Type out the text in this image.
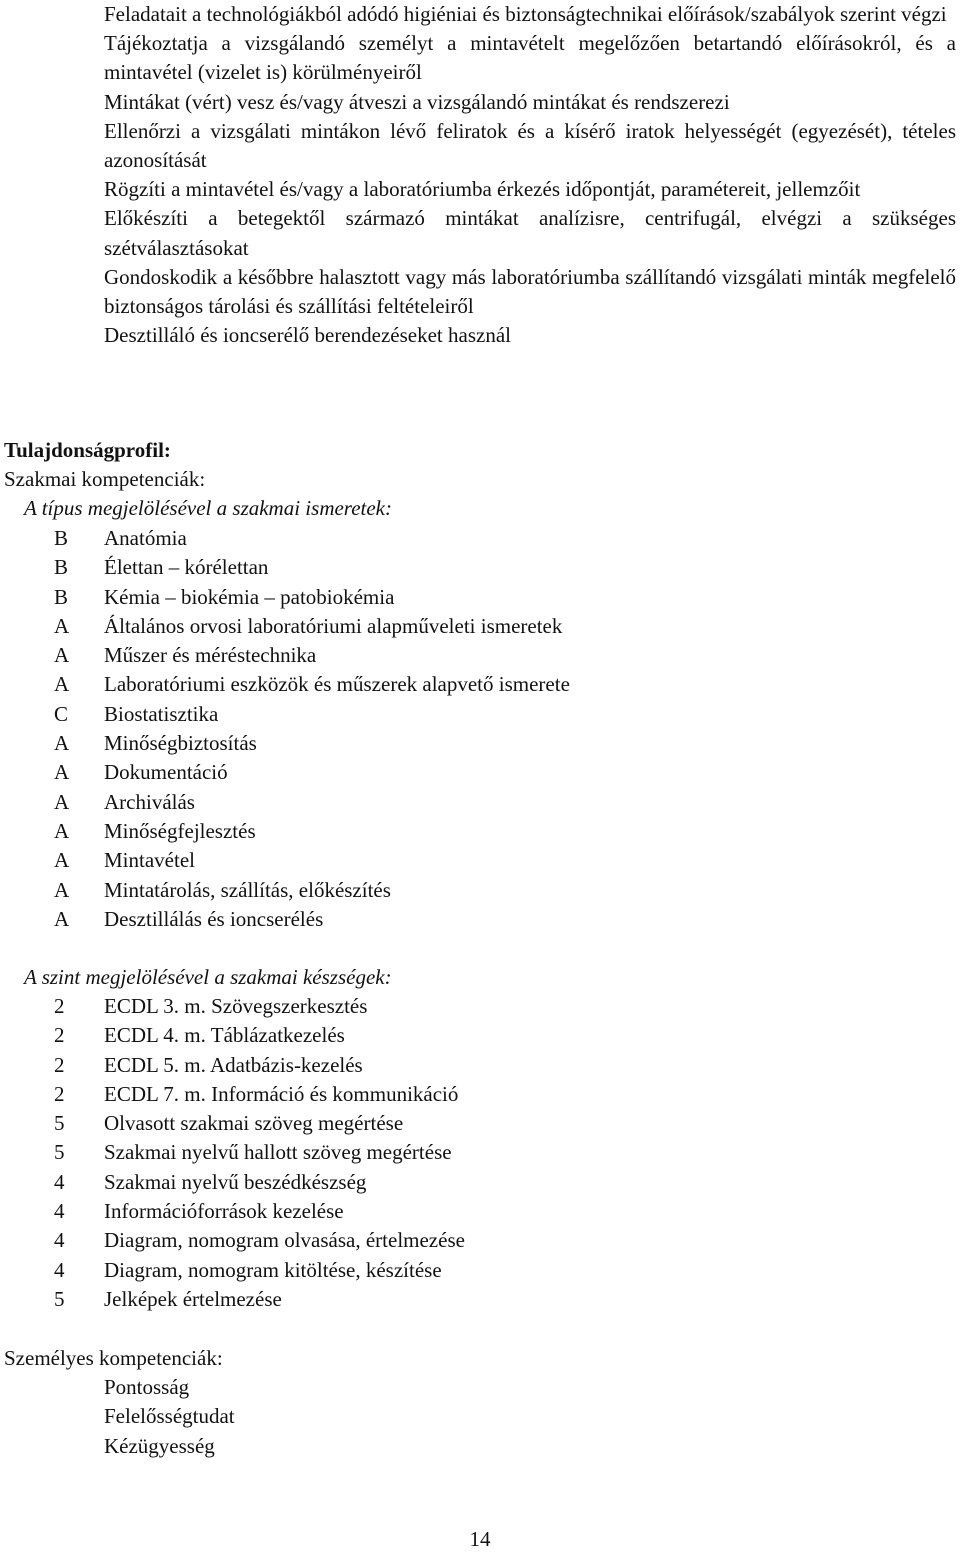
Feladatait a technológiákból adódó higiéniai és biztonságtechnikai előírások/szabályok szerint végzi
Tájékoztatja a vizsgálandó személyt a mintavételt megelőzően betartandó előírásokról, és a mintavétel (vizelet is) körülményeiről
Mintákat (vért) vesz és/vagy átveszi a vizsgálandó mintákat és rendszerezi
Ellenőrzi a vizsgálati mintákon lévő feliratok és a kísérő iratok helyességét (egyezését), tételes azonosítását
Rögzíti a mintavétel és/vagy a laboratóriumba érkezés időpontját, paramétereit, jellemzőit
Előkészíti a betegektől származó mintákat analízisre, centrifugál, elvégzi a szükséges szétválasztásokat
Gondoskodik a későbbre halasztott vagy más laboratóriumba szállítandó vizsgálati minták megfelelő biztonságos tárolási és szállítási feltételeiről
Desztilláló és ioncserélő berendezéseket használ
Tulajdonságprofil:
Szakmai kompetenciák:
A típus megjelölésével a szakmai ismeretek:
B Anatómia
B Élettan – kórélettan
B Kémia – biokémia – patobiokémia
A Általános orvosi laboratóriumi alapműveleti ismeretek
A Műszer és méréstechnika
A Laboratóriumi eszközök és műszerek alapvető ismerete
C Biostatisztika
A Minőségbiztosítás
A Dokumentáció
A Archiválás
A Minőségfejlesztés
A Mintavétel
A Mintatárolás, szállítás, előkészítés
A Desztillálás és ioncserélés
A szint megjelölésével a szakmai készségek:
2	ECDL 3. m. Szövegszerkesztés
2	ECDL 4. m. Táblázatkezelés
2	ECDL 5. m. Adatbázis-kezelés
2	ECDL 7. m. Információ és kommunikáció
5	Olvasott szakmai szöveg megértése
5	Szakmai nyelvű hallott szöveg megértése
4	Szakmai nyelvű beszédkészség
4	Információforrások kezelése
4	Diagram, nomogram olvasása, értelmezése
4	Diagram, nomogram kitöltése, készítése
5	Jelképek értelmezése
Személyes kompetenciák:
Pontosság
Felelősségtudat
Kézügyesség
14
